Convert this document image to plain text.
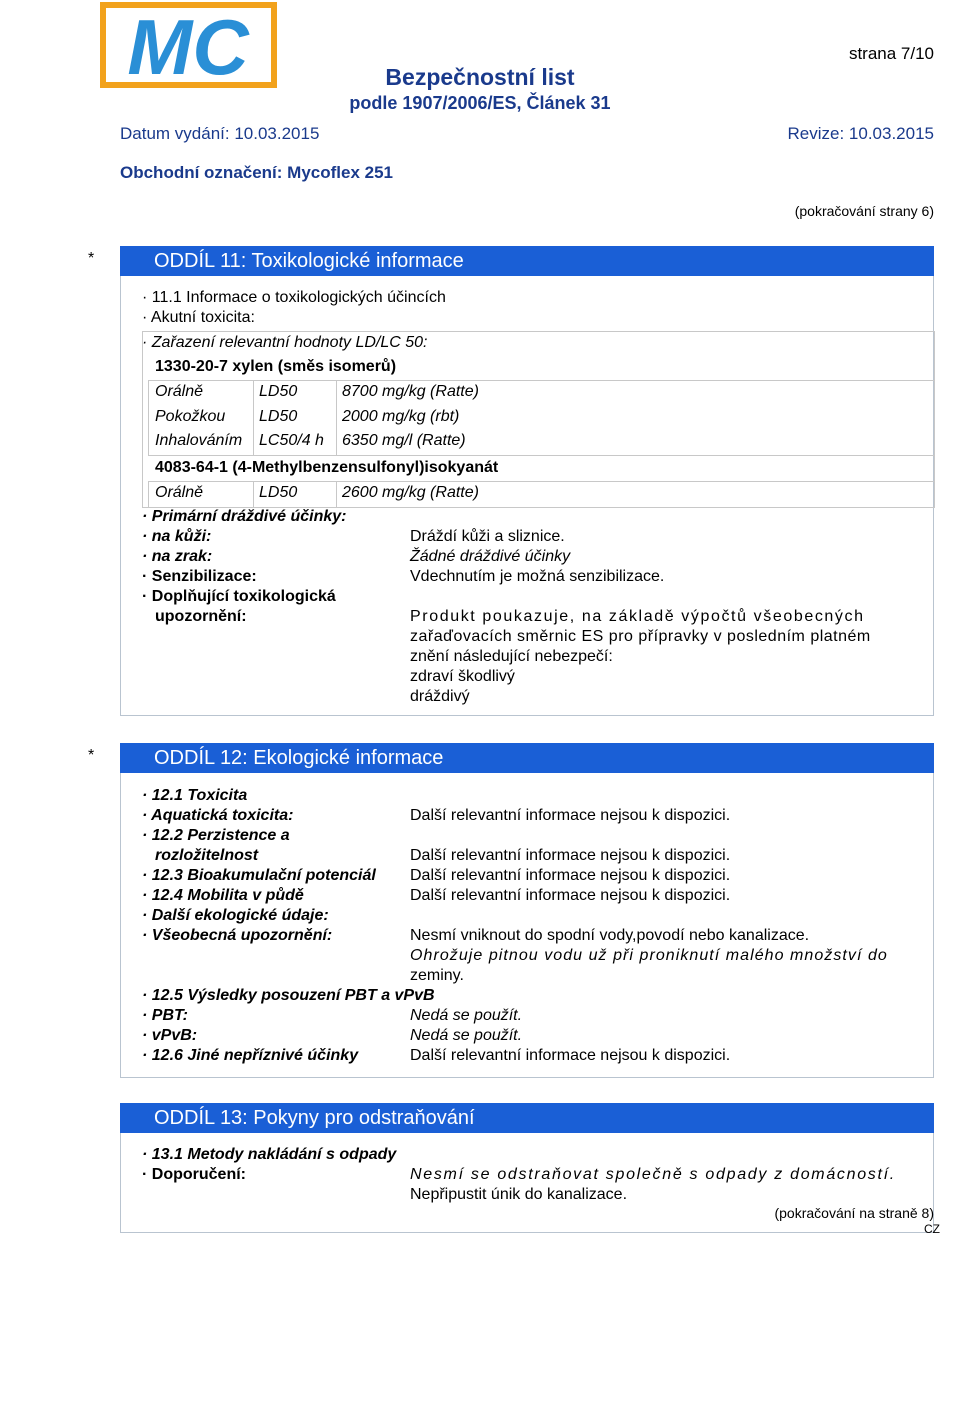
MC	strana 7/10
Bezpečnostní list
podle 1907/2006/ES, Článek 31
Datum vydání: 10.03.2015	Revize: 10.03.2015
Obchodní označení: Mycoflex 251
(pokračování strany 6)
*	ODDÍL 11: Toxikologické informace
· 11.1 Informace o toxikologických účincích
· Akutní toxicita:
· Zařazení relevantní hodnoty LD/LC 50:
1330-20-7 xylen (směs isomerů)
Orálně	LD50	8700 mg/kg (Ratte)
Pokožkou LD50	2000 mg/kg (rbt)
Inhalováním LC50/4 h 6350 mg/l (Ratte)
4083-64-1 (4-Methylbenzensulfonyl)isokyanát
Orálně	LD50	2600 mg/kg (Ratte)
· Primární dráždivé účinky:
· na kůži:	Dráždí kůži a sliznice.
· na zrak:	Žádné dráždivé účinky
· Senzibilizace:	Vdechnutím je možná senzibilizace.
· Doplňující toxikologická
upozornění:	Produkt poukazuje, na základě výpočtů všeobecných
zařaďovacích směrnic ES pro přípravky v posledním platném
znění následující nebezpečí:
zdraví škodlivý
dráždivý
*	ODDÍL 12: Ekologické informace
· 12.1 Toxicita
· Aquatická toxicita:	Další relevantní informace nejsou k dispozici.
· 12.2 Perzistence a
rozložitelnost	Další relevantní informace nejsou k dispozici.
· 12.3 Bioakumulační potenciál Další relevantní informace nejsou k dispozici.
· 12.4 Mobilita v půdě	Další relevantní informace nejsou k dispozici.
· Další ekologické údaje:
· Všeobecná upozornění:	Nesmí vniknout do spodní vody,povodí nebo kanalizace.
Ohrožuje pitnou vodu už při proniknutí malého množství do
zeminy.
· 12.5 Výsledky posouzení PBT a vPvB
· PBT:	Nedá se použít.
· vPvB:	Nedá se použít.
· 12.6 Jiné nepříznivé účinky	Další relevantní informace nejsou k dispozici.
ODDÍL 13: Pokyny pro odstraňování
· 13.1 Metody nakládání s odpady
· Doporučení:	Nesmí se odstraňovat společně s odpady z domácností.
Nepřipustit únik do kanalizace.
(pokračování na straně 8)
CZ
